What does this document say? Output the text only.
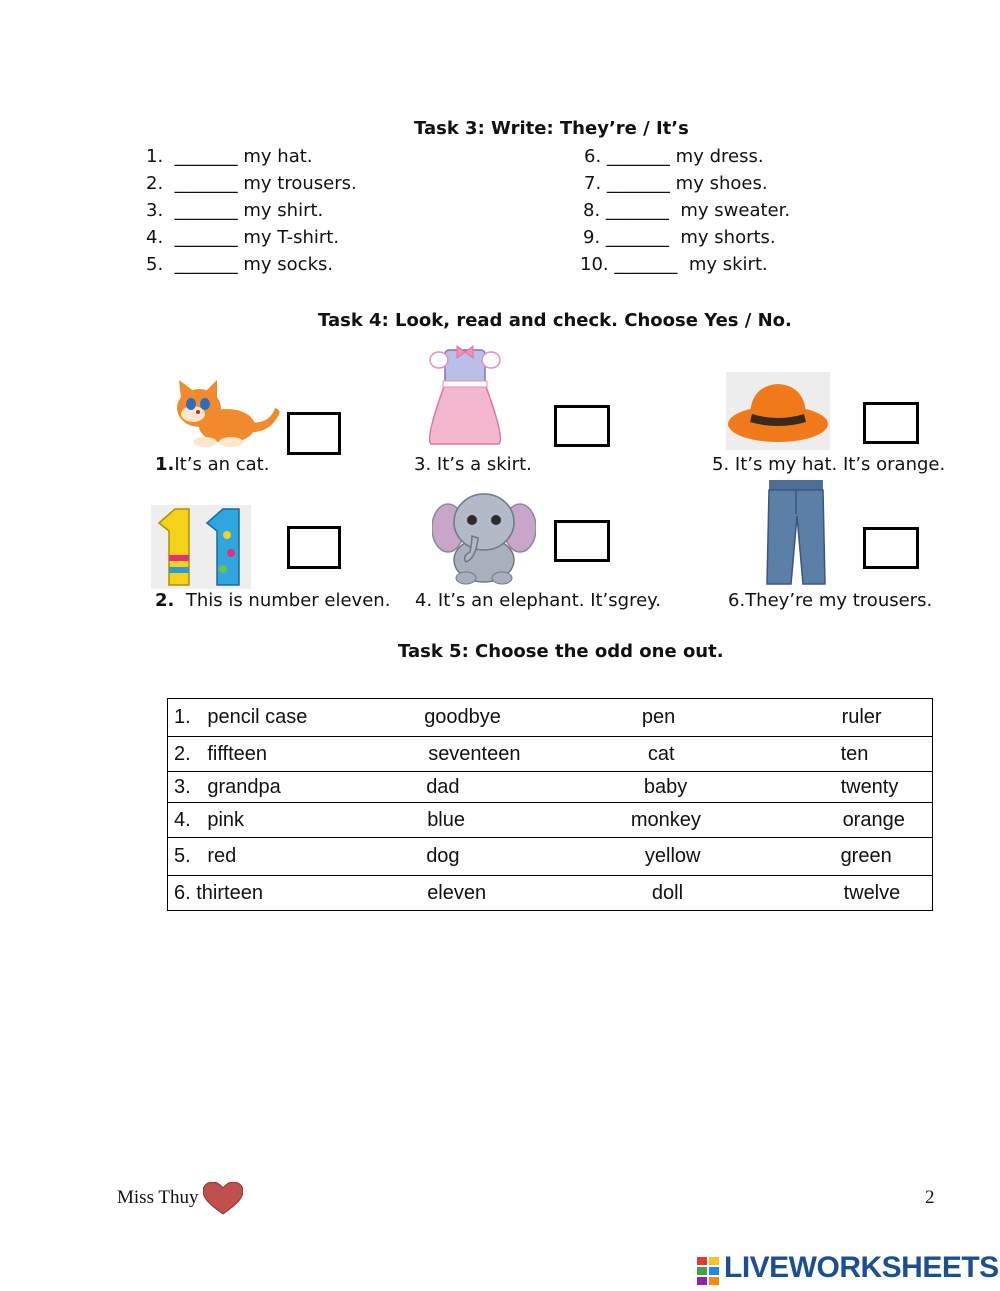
Task 3: Write: They’re / It’s
1. _______ my hat.
2. _______ my trousers.
3. _______ my shirt.
4. _______ my T-shirt.
5. _______ my socks.
6. _______ my dress.
7. _______ my shoes.
8. _______ my sweater.
9. _______ my shorts.
10. _______ my skirt.
Task 4: Look, read and check. Choose Yes / No.
1.It’s an cat.	3. It’s a skirt.	5. It’s my hat. It’s orange.
2. This is number eleven. 4. It’s an elephant. It’sgrey.	6.They’re my trousers.
Task 5: Choose the odd one out.
1. pencil case	goodbye	pen	ruler
2. fiffteen	seventeen	cat	ten
3. grandpa	dad	baby	twenty
4. pink	blue	monkey	orange
5. red	dog	yellow	green
6. thirteen	eleven	doll	twelve
Miss Thuy	2
LIVEWORKSHEETS
